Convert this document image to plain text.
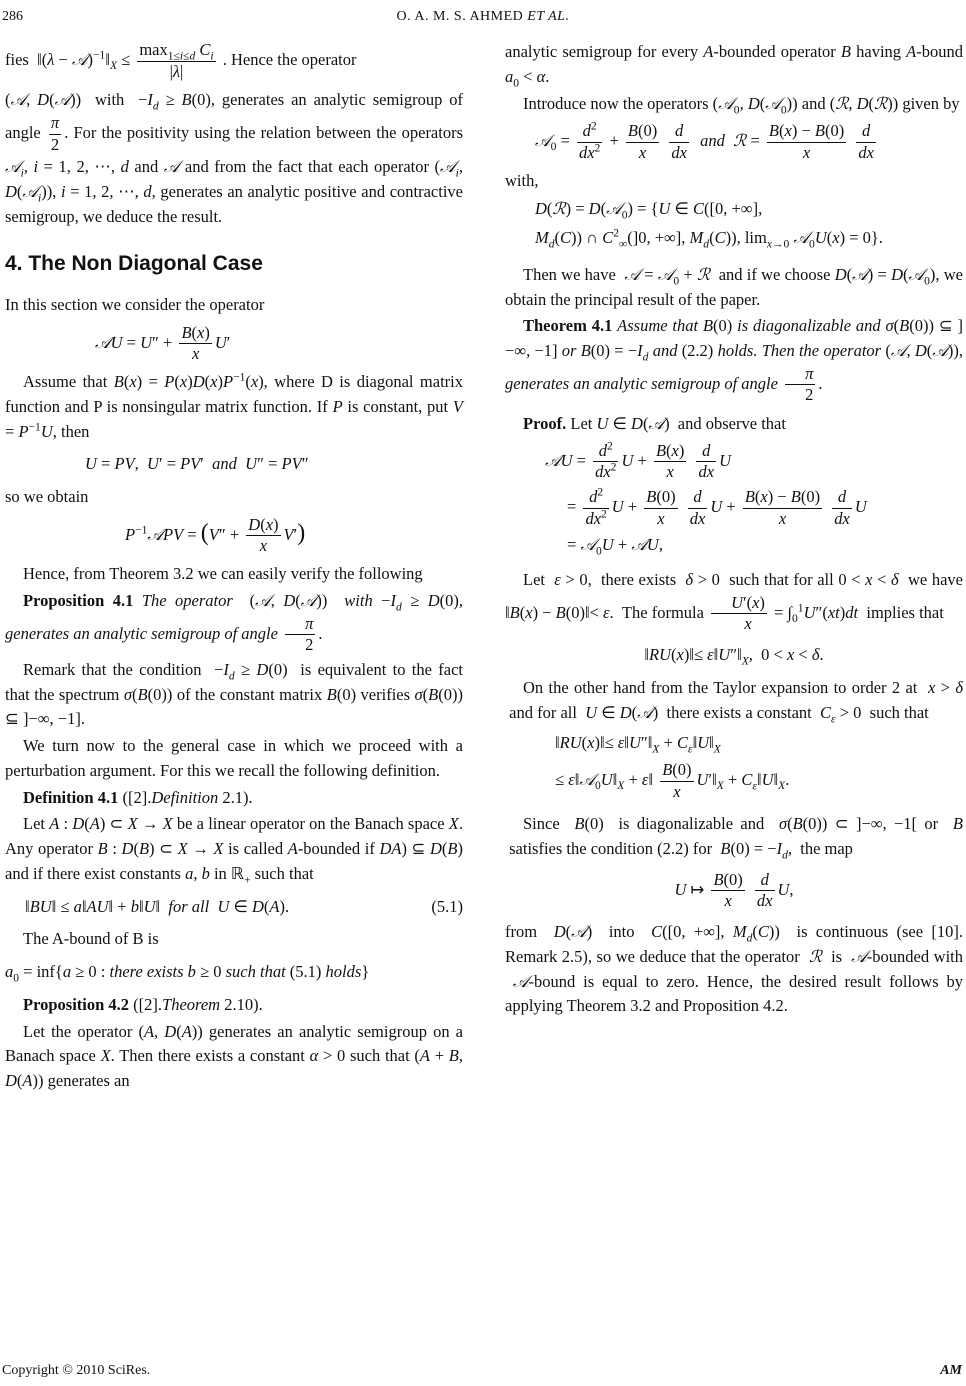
286	O. A. M. S. AHMED ET AL.

fies  ‖(λ − $𝒜)^{-1}‖_X \le \frac{\max_{1\le i\le d} C_i}{|\lambda|}$ . Hence the operator

(𝒜, D(𝒜))  with  $-I_d \ge B(0)$, generates an analytic semigroup of angle $\frac{\pi}{2}$ . For the positivity using the relation between the operators 𝒜$_i$, i = 1, 2, ⋯, d and 𝒜 and from the fact that each operator (𝒜$_i$, D(𝒜$_i$)), i = 1, 2, ⋯, d, generates an analytic positive and contractive semigroup, we deduce the result.

4. The Non Diagonal Case

In this section we consider the operator

𝒜U = $U'' + \frac{B(x)}{x} U'$

Assume that $B(x) = P(x)D(x)P^{-1}(x)$, where D is diagonal matrix function and P is nonsingular matrix function. If P is constant, put $V = P^{-1}U$, then

U = PV,  U′ = PV′  and U″ = PV″

so we obtain

$P^{-1}𝒜PV = (V'' + \frac{D(x)}{x} V')$

Hence, from Theorem 3.2 we can easily verify the following

Proposition 4.1 The operator  (𝒜, D(𝒜))  with $-I_d \ge D(0)$, generates an analytic semigroup of angle $\frac{\pi}{2}$ .

Remark that the condition  $-I_d \ge D(0)$  is equivalent to the fact that the spectrum σ(B(0)) of the constant matrix B(0) verifies σ(B(0)) ⊆ ]−∞, −1].

We turn now to the general case in which we proceed with a perturbation argument. For this we recall the following definition.

Definition 4.1 ([2].Definition 2.1).

Let A : D(A) ⊂ X → X be a linear operator on the Banach space X. Any operator B : D(B) ⊂ X → X is called A-bounded if DA) ⊆ D(B) and if there exist constants a, b in ℝ$_+$ such that

‖BU‖ ≤ a‖AU‖ + b‖U‖  for all U ∈ D(A).	(5.1)

The A-bound of B is

$a_0 = inf\{a \ge 0$ : there exists b ≥ 0 such that (5.1) holds}

Proposition 4.2 ([2].Theorem 2.10).

Let the operator (A, D(A)) generates an analytic semigroup on a Banach space X. Then there exists a constant α > 0 such that (A + B, D(A)) generates an

analytic semigroup for every A-bounded operator B having A-bound $a_0 < \alpha$.

Introduce now the operators (𝒜$_0$, D(𝒜$_0$)) and (ℛ, D(ℛ)) given by

𝒜$_0$ = $\frac{d^2}{dx^2} + \frac{B(0)}{x}$
$\frac{d}{dx}$ and ℛ = $\frac{B(x) - B(0)}{x}$
$\frac{d}{dx}$

with,

D(ℛ) = D(𝒜$_0$) = {U ∈ C([0, +∞],
$M_d(C)$) ∩ $C^2_\infty(]0$, +∞], $M_d(C)$), $\lim_{x\to 0}$ 𝒜$_0$U(x) = 0}.

Then we have  𝒜 = 𝒜$_0$ + ℛ  and if we choose D(𝒜) = D(𝒜$_0$), we obtain the principal result of the paper.

Theorem 4.1 Assume that B(0) is diagonalizable and σ(B(0)) ⊆ ]−∞, −1] or $B(0) = -I_d$ and (2.2) holds. Then the operator (𝒜, D(𝒜)), generates an analytic semigroup of angle $\frac{\pi}{2}$ .

Proof. Let U ∈ D(𝒜)  and observe that

𝒜U = $\frac{d^2}{dx^2}$ $U + \frac{B(x)}{x}$
$\frac{d}{dx}$ U
= $\frac{d^2}{dx^2}$ $U + \frac{B(0)}{x}$
$\frac{d}{dx}$ $U + \frac{B(x) - B(0)}{x}$
$\frac{d}{dx}$ U
= 𝒜$_0$U + 𝒜U,

Let  ε > 0,  there exists  δ > 0  such that for all 0 < x < δ  we have ‖B(x) − B(0)‖< ε.  The formula $\frac{U'(x)}{x} = \int_0^1U''(xt)dt$  implies that

‖RU(x)‖≤ $\varepsilon‖U''‖_X$,  0 < x < δ.

On the other hand from the Taylor expansion to order 2 at  x > δ  and for all  U ∈ D(𝒜)  there exists a constant  $C_\varepsilon > 0$  such that

‖RU(x)‖≤ $\varepsilon‖U''‖_X$ + $C_\varepsilon‖U‖_X$
≤ $\varepsilon‖𝒜_0U‖_X$ + ε‖ $\frac{B(0)}{x}$ $U'‖_X$ + $C_\varepsilon‖U‖_X$.

Since  B(0)  is diagonalizable and  σ(B(0)) ⊂ ]−∞, −1[ or  B  satisfies the condition (2.2) for  $B(0) = -I_d$,  the map

U ↦ $\frac{B(0)}{x}$
$\frac{d}{dx} U$,

from  D(𝒜)  into  C([0, +∞], $M_d(C)$)  is continuous (see [10]. Remark 2.5), so we deduce that the operator  ℛ  is  𝒜-bounded with  𝒜-bound is equal to zero. Hence, the desired result follows by applying Theorem 3.2 and Proposition 4.2.

Copyright © 2010 SciRes.	AM
